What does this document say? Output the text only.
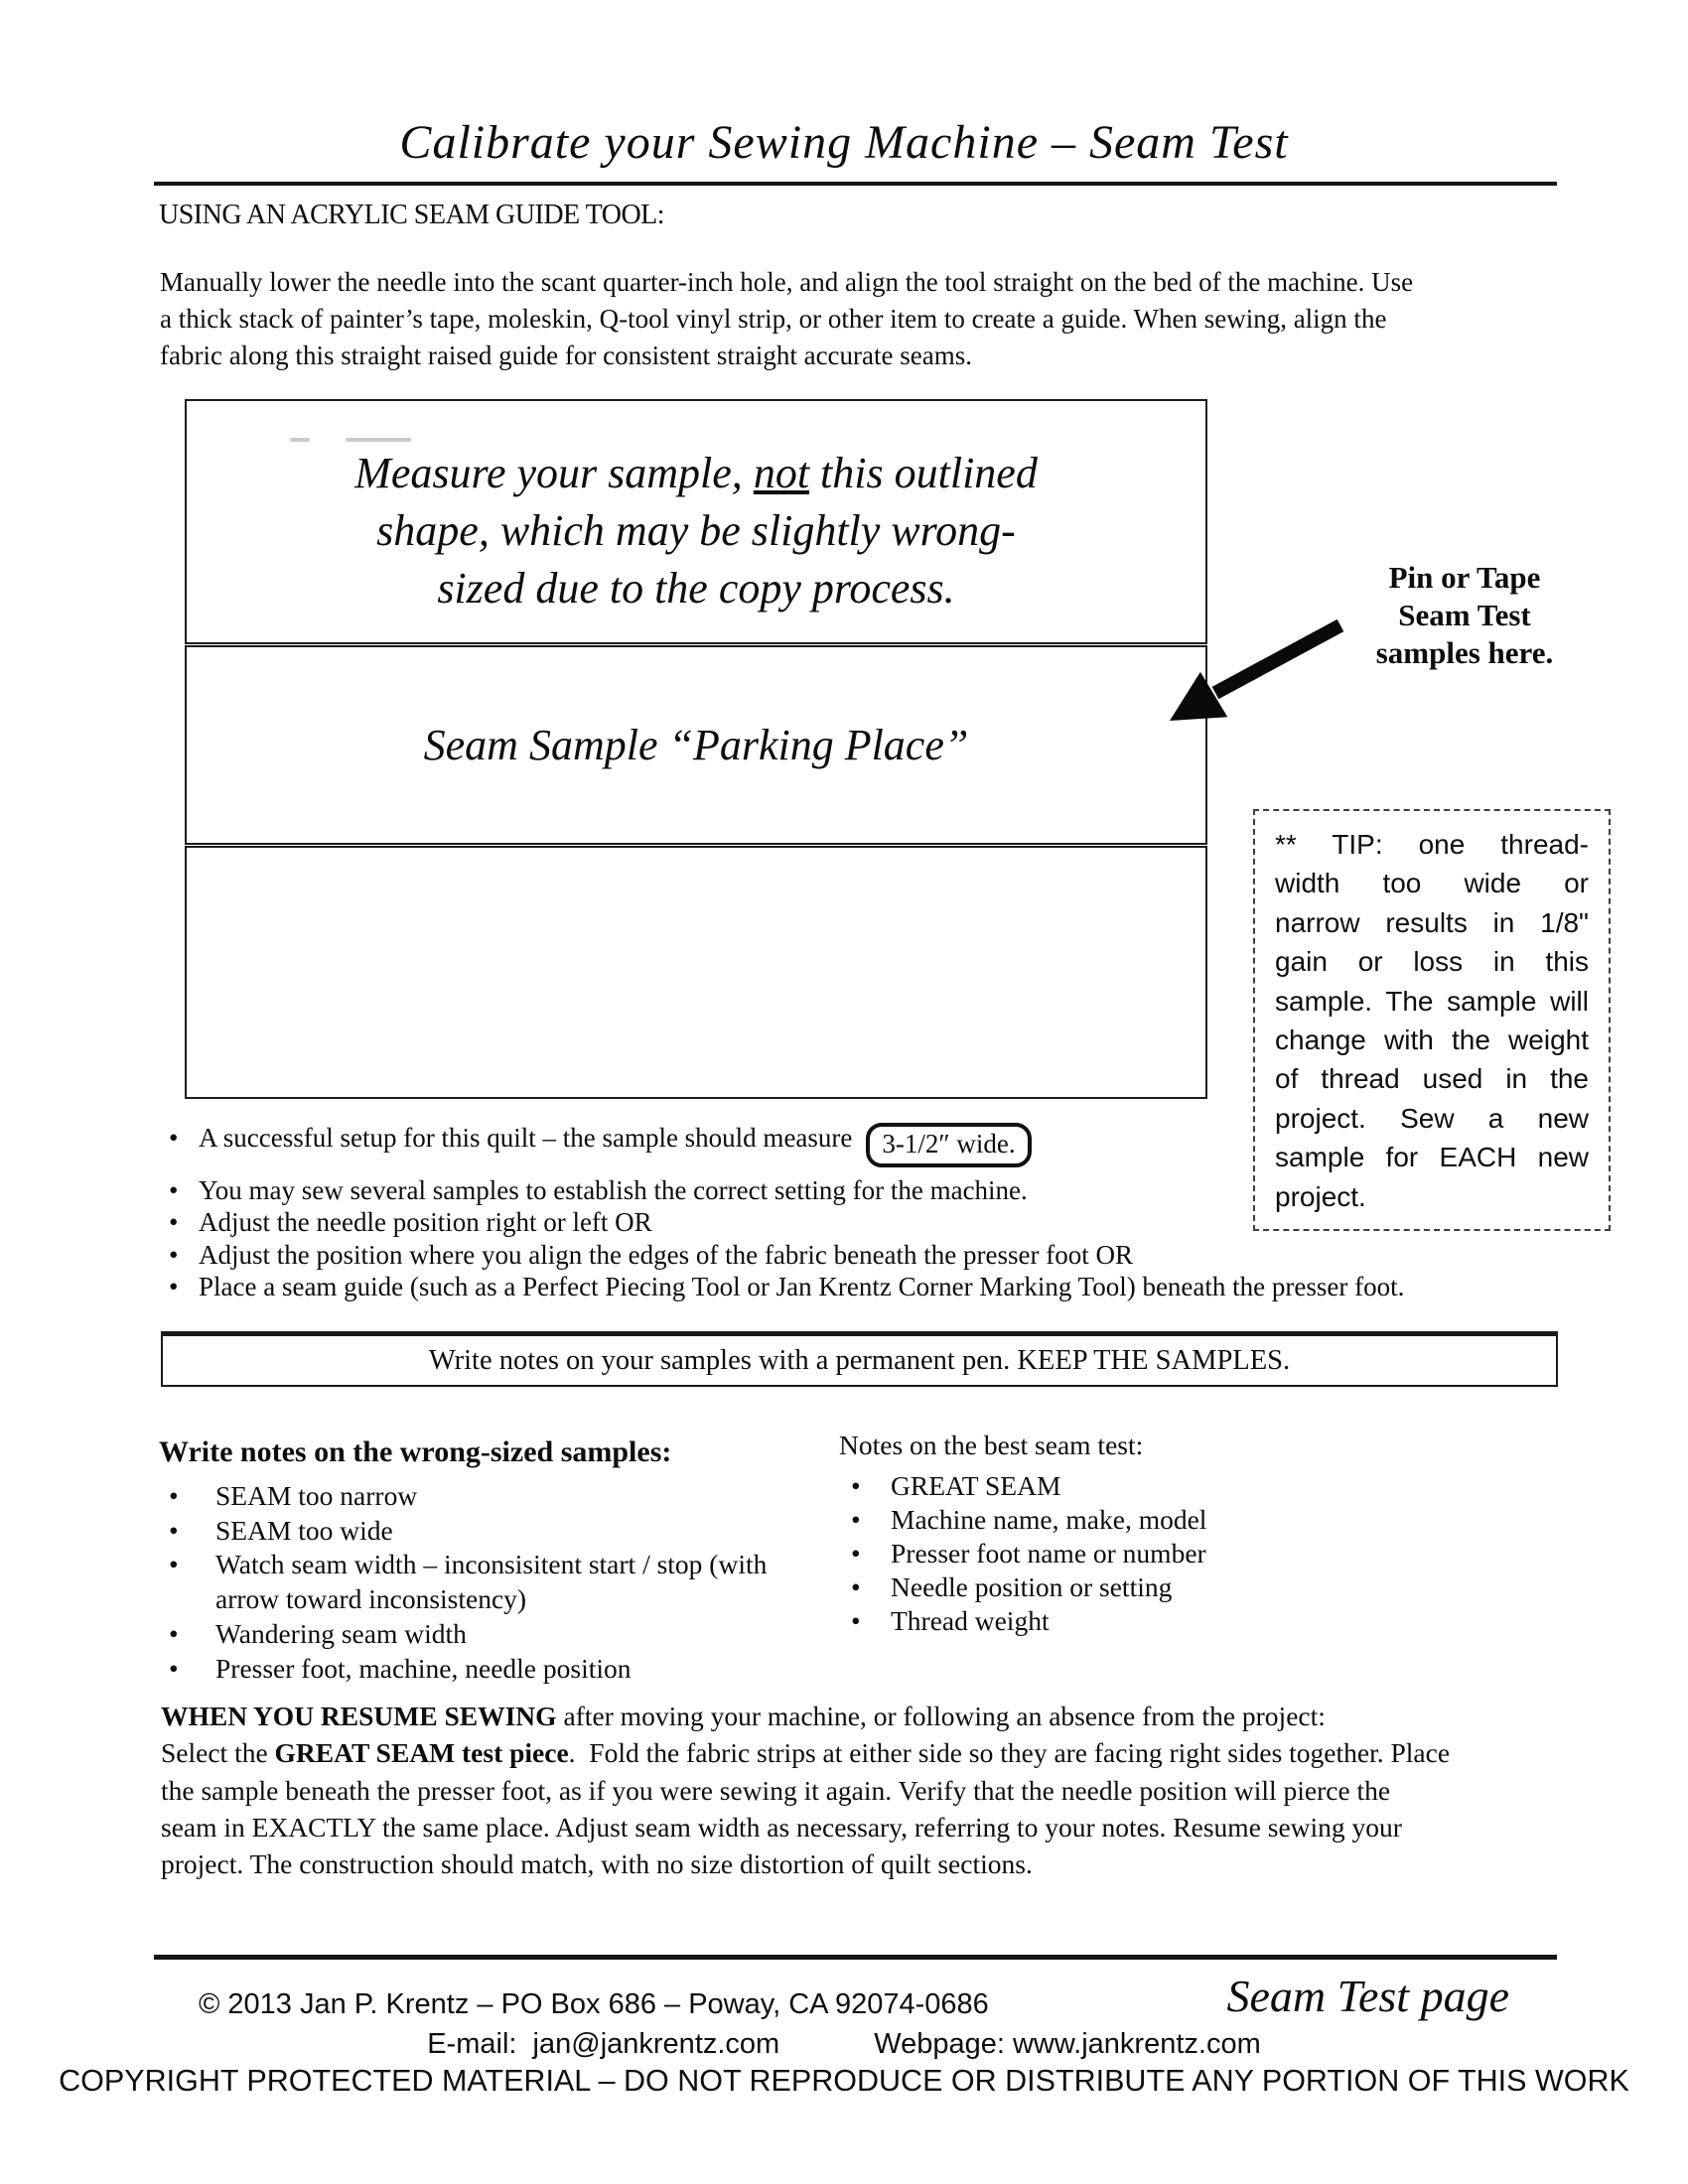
Calibrate your Sewing Machine – Seam Test
USING AN ACRYLIC SEAM GUIDE TOOL:

Manually lower the needle into the scant quarter-inch hole, and align the tool straight on the bed of the machine. Use
a thick stack of painter’s tape, moleskin, Q-tool vinyl strip, or other item to create a guide. When sewing, align the
fabric along this straight raised guide for consistent straight accurate seams.

Measure your sample, not this outlined
shape, which may be slightly wrong-
sized due to the copy process.
Seam Sample “Parking Place”
Pin or Tape
Seam Test
samples here.
** TIP: one thread-
width too wide or
narrow results in 1/8"
gain or loss in this
sample. The sample will
change with the weight
of thread used in the
project. Sew a new
sample for EACH new
project.
• A successful setup for this quilt – the sample should measure 3-1/2″ wide.
• You may sew several samples to establish the correct setting for the machine.
• Adjust the needle position right or left OR
• Adjust the position where you align the edges of the fabric beneath the presser foot OR
• Place a seam guide (such as a Perfect Piecing Tool or Jan Krentz Corner Marking Tool) beneath the presser foot.
Write notes on your samples with a permanent pen. KEEP THE SAMPLES.
Write notes on the wrong-sized samples:
• SEAM too narrow
• SEAM too wide
• Watch seam width – inconsisitent start / stop (with arrow toward inconsistency)
• Wandering seam width
• Presser foot, machine, needle position
Notes on the best seam test:
• GREAT SEAM
• Machine name, make, model
• Presser foot name or number
• Needle position or setting
• Thread weight

WHEN YOU RESUME SEWING after moving your machine, or following an absence from the project:
Select the GREAT SEAM test piece.  Fold the fabric strips at either side so they are facing right sides together. Place
the sample beneath the presser foot, as if you were sewing it again. Verify that the needle position will pierce the
seam in EXACTLY the same place. Adjust seam width as necessary, referring to your notes. Resume sewing your
project. The construction should match, with no size distortion of quilt sections.

© 2013 Jan P. Krentz – PO Box 686 – Poway, CA 92074-0686	Seam Test page
E-mail:  jan@jankrentz.com	Webpage: www.jankrentz.com
COPYRIGHT PROTECTED MATERIAL – DO NOT REPRODUCE OR DISTRIBUTE ANY PORTION OF THIS WORK
